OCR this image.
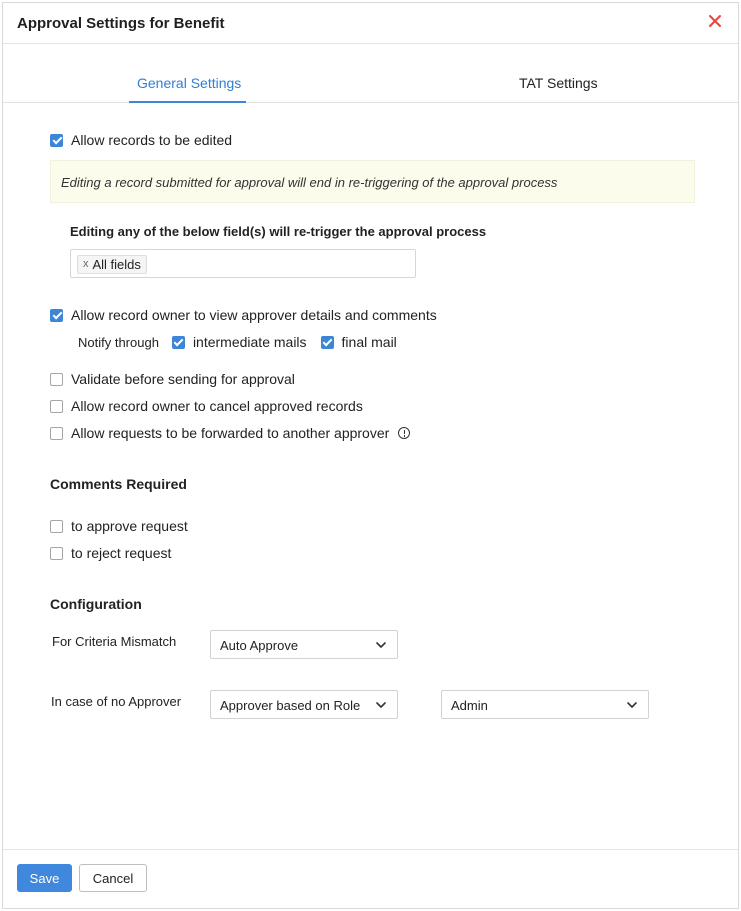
Approval Settings for Benefit
General Settings	TAT Settings
Allow records to be edited
Editing a record submitted for approval will end in re-triggering of the approval process
Editing any of the below field(s) will re-trigger the approval process
x All fields
Allow record owner to view approver details and comments
Notify through intermediate mails	final mail
Validate before sending for approval
Allow record owner to cancel approved records
Allow requests to be forwarded to another approver
Comments Required
to approve request
to reject request
Configuration
For Criteria Mismatch	Auto Approve
In case of no Approver	Approver based on Role	Admin
Save	Cancel
